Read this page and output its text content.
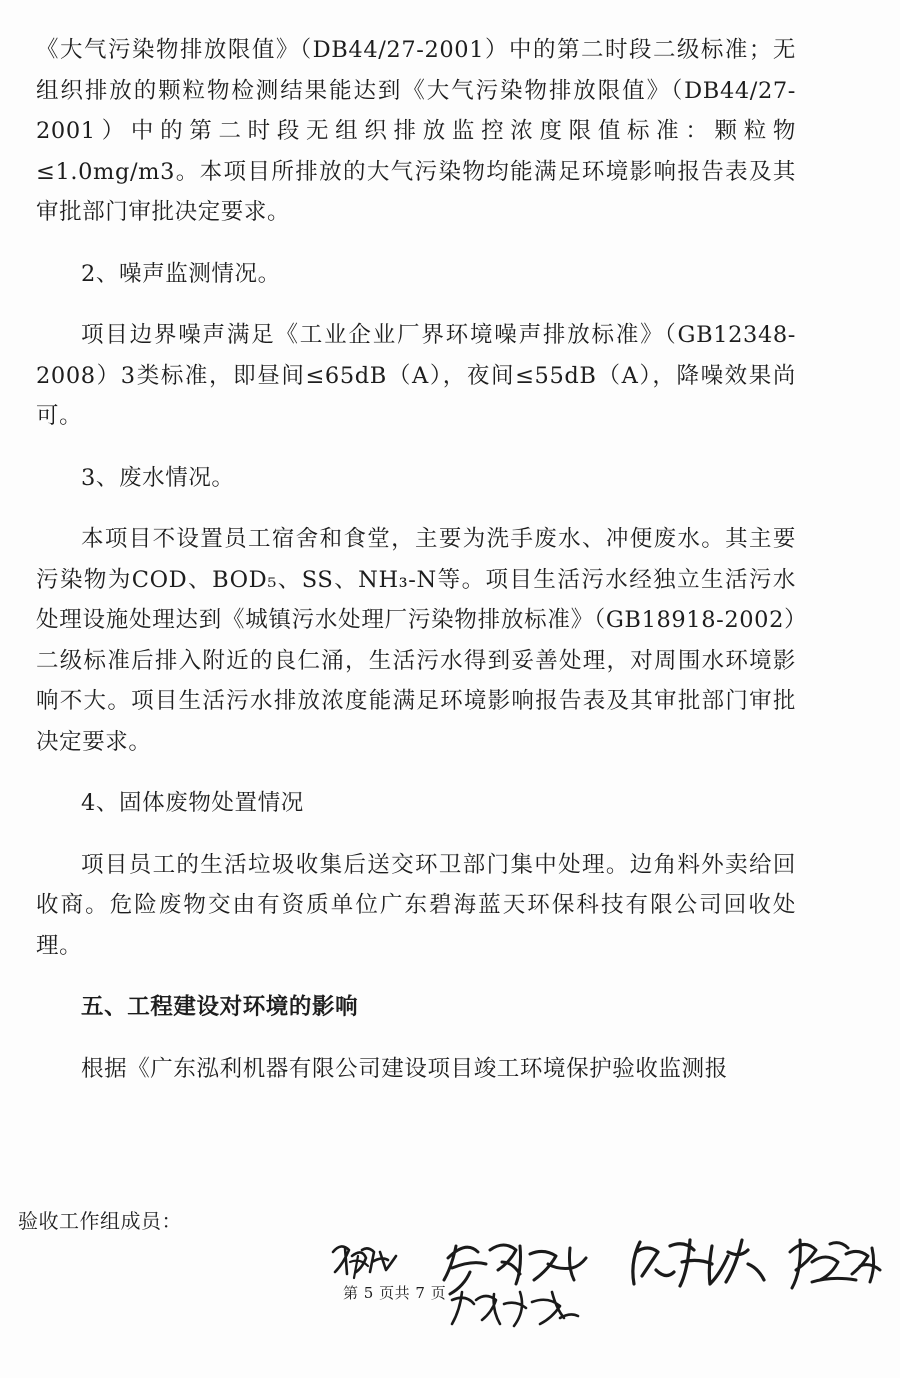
《大气污染物排放限值》（DB44/27-2001）中的第二时段二级标准；无组织排放的颗粒物检测结果能达到《大气污染物排放限值》（DB44/27-2001）中的第二时段无组织排放监控浓度限值标准：颗粒物≤1.0mg/m3。本项目所排放的大气污染物均能满足环境影响报告表及其审批部门审批决定要求。

2、噪声监测情况。

项目边界噪声满足《工业企业厂界环境噪声排放标准》（GB12348-2008）3类标准，即昼间≤65dB（A），夜间≤55dB（A），降噪效果尚可。

3、废水情况。

本项目不设置员工宿舍和食堂，主要为洗手废水、冲便废水。其主要污染物为COD、BOD₅、SS、NH₃-N等。项目生活污水经独立生活污水处理设施处理达到《城镇污水处理厂污染物排放标准》（GB18918-2002）二级标准后排入附近的良仁涌，生活污水得到妥善处理，对周围水环境影响不大。项目生活污水排放浓度能满足环境影响报告表及其审批部门审批决定要求。

4、固体废物处置情况

项目员工的生活垃圾收集后送交环卫部门集中处理。边角料外卖给回收商。危险废物交由有资质单位广东碧海蓝天环保科技有限公司回收处理。

五、工程建设对环境的影响

根据《广东泓利机器有限公司建设项目竣工环境保护验收监测报

验收工作组成员：
第 5 页共 7 页
